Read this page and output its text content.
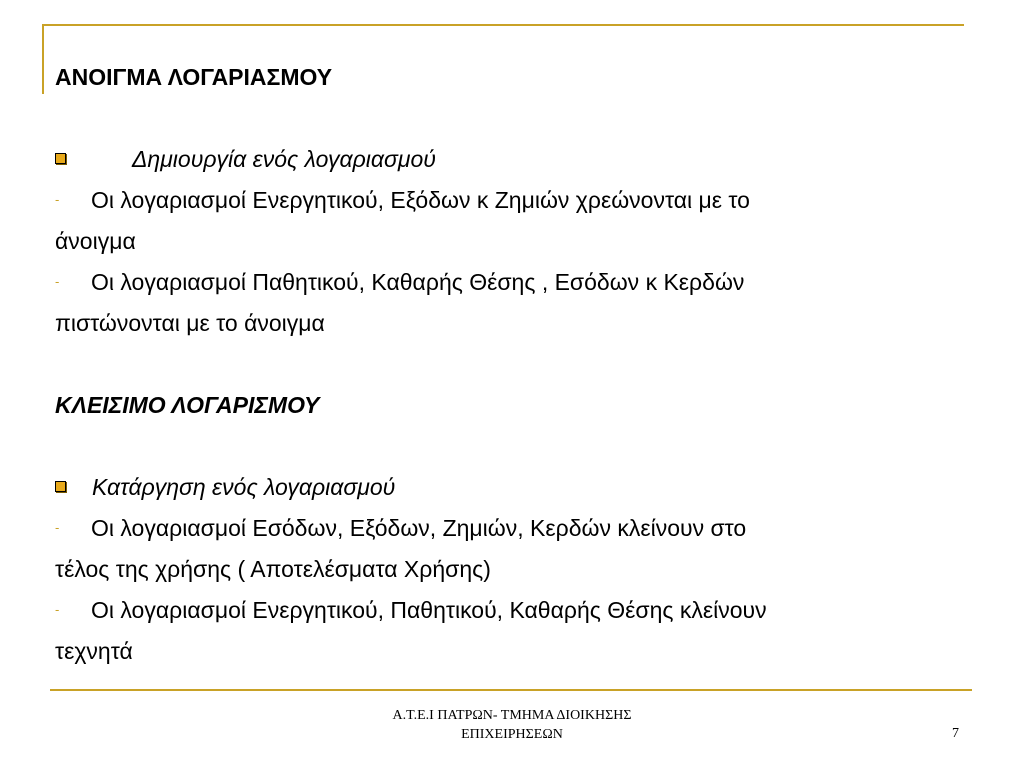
ΑΝΟΙΓΜΑ ΛΟΓΑΡΙΑΣΜΟΥ
Δημιουργία ενός λογαριασμού
- Οι λογαριασμοί Ενεργητικού, Εξόδων κ Ζημιών χρεώνονται με το
άνοιγμα
- Οι λογαριασμοί Παθητικού, Καθαρής Θέσης , Εσόδων κ Κερδών
πιστώνονται με το άνοιγμα
ΚΛΕΙΣΙΜΟ ΛΟΓΑΡΙΣΜΟΥ
Κατάργηση ενός λογαριασμού
- Οι λογαριασμοί Εσόδων, Εξόδων, Ζημιών, Κερδών κλείνουν στο
τέλος της χρήσης ( Αποτελέσματα Χρήσης)
- Οι λογαριασμοί Ενεργητικού, Παθητικού, Καθαρής Θέσης κλείνουν
τεχνητά
Α.Τ.Ε.Ι ΠΑΤΡΩΝ- ΤΜΗΜΑ ΔΙΟΙΚΗΣΗΣ
ΕΠΙΧΕΙΡΗΣΕΩΝ	7
